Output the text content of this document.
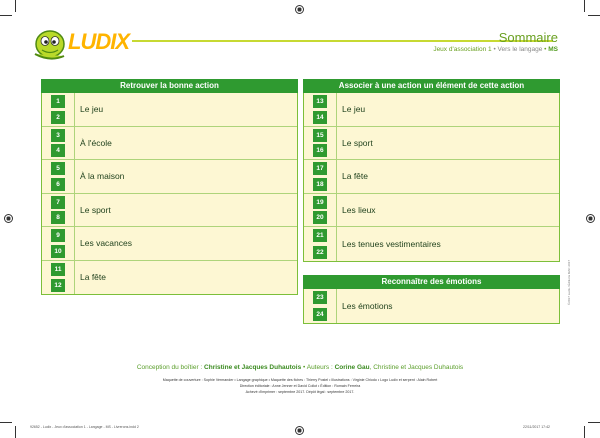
LUDIX	Sommaire
Jeux d'association 1 • Vers le langage • MS
Retrouver la bonne action
1
2
Le jeu
3
4
À l'école
5
6
À la maison
7
8
Le sport
9
10
Les vacances
11
12
La fête
Associer à une action un élément de cette action
13
14
Le jeu
15
16
Le sport
17
18
La fête
19
20
Les lieux
21
22
Les tenues vestimentaires
Reconnaître des émotions
23
24
Les émotions
Conception du boîtier : Christine et Jacques Duhautois • Auteurs : Corine Gau, Christine et Jacques Duhautois
Maquette de couverture : Sophie Vermander • Langage graphique • Maquette des fiches : Thierry Postel • Illustrations : Virginie Chiodo • Logo Ludix et serpent : Alain Robert
Direction éditoriale : Anne Jenner et David Collot • Édition : Romain Ferreira
Achevé d'imprimer : septembre 2017. Dépôt légal : septembre 2017.
©2017 Ludix / Éditions MAC 2017
92652 - Ludix - Jeux d'association 1 - Langage - MS - Livrerons.indd 2	22/11/2017 17:42
